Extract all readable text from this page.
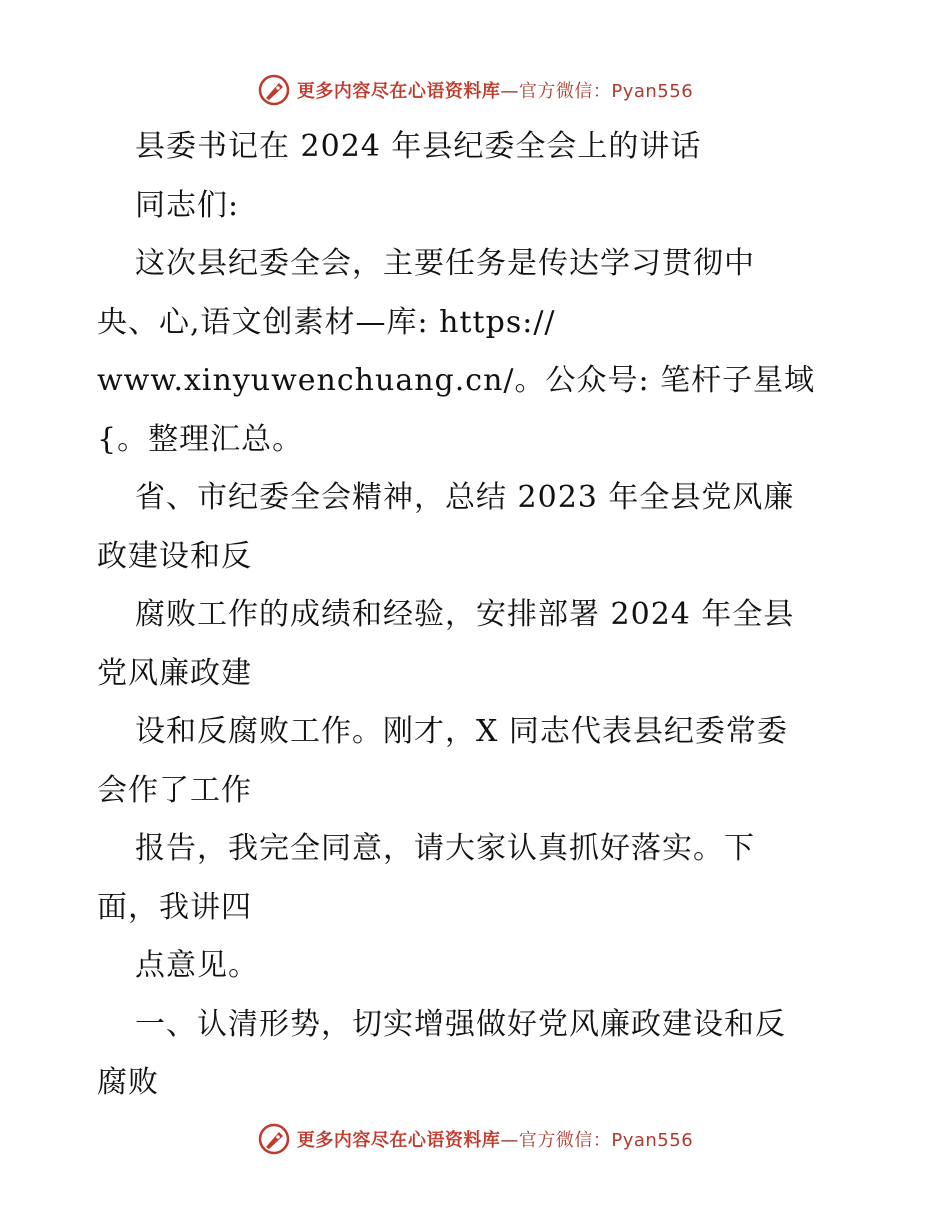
更多内容尽在心语资料库—官方微信：Pyan556
县委书记在 2024 年县纪委全会上的讲话
同志们:
这次县纪委全会，主要任务是传达学习贯彻中
央、心,语文创素材—库: https://
www.xinyuwenchuang.cn/。公众号: 笔杆子星域
{。整理汇总。
省、市纪委全会精神，总结 2023 年全县党风廉
政建设和反
腐败工作的成绩和经验，安排部署 2024 年全县
党风廉政建
设和反腐败工作。刚才，X 同志代表县纪委常委
会作了工作
报告，我完全同意，请大家认真抓好落实。下
面，我讲四
点意见。
一、认清形势，切实增强做好党风廉政建设和反
腐败
更多内容尽在心语资料库—官方微信：Pyan556
